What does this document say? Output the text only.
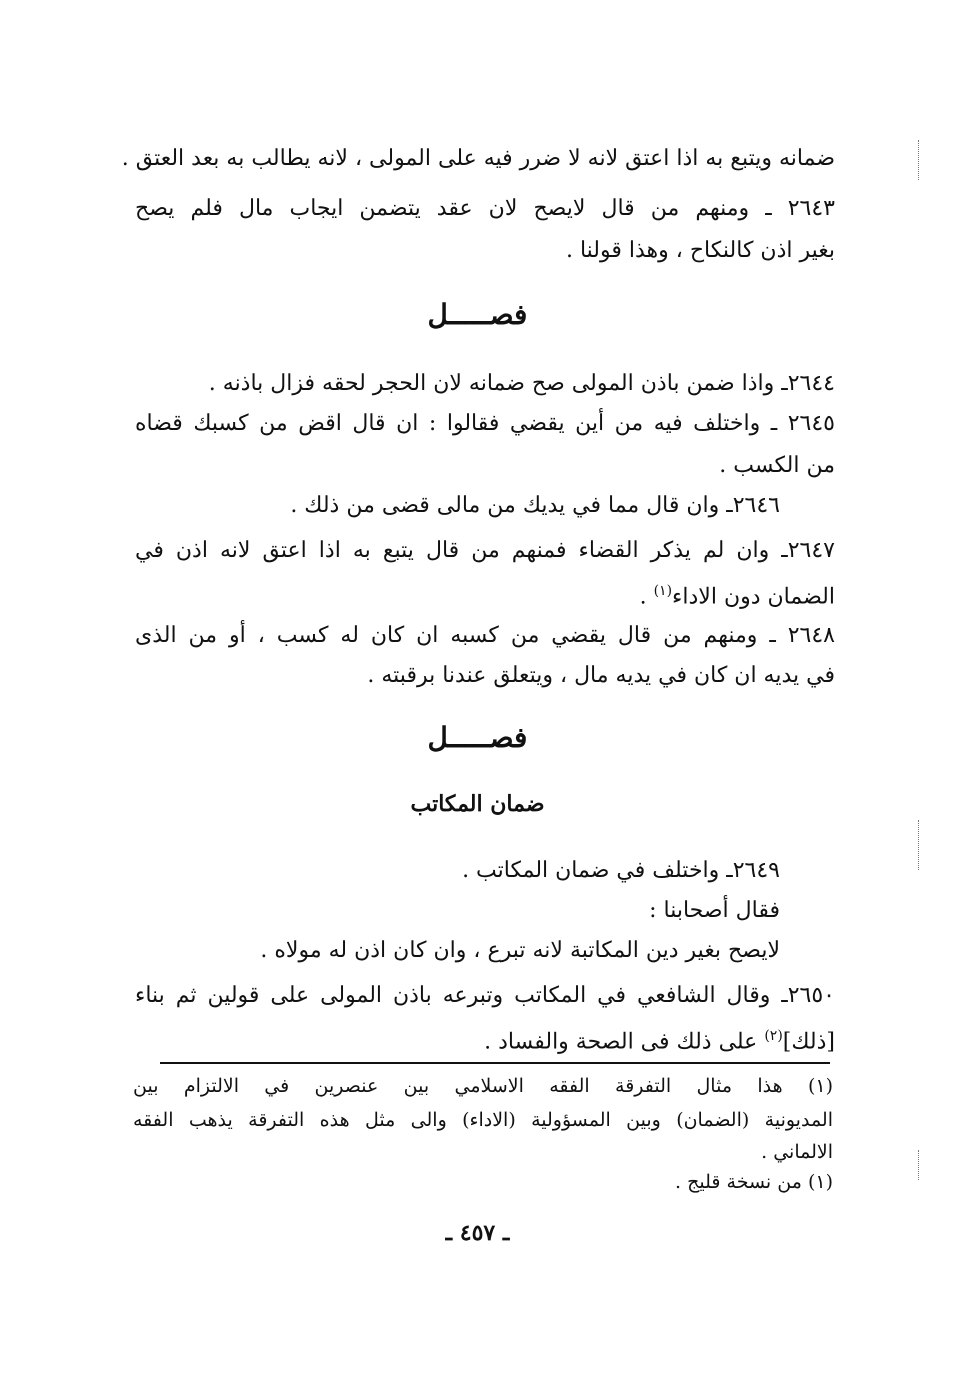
ضمانه ويتبع به اذا اعتق لانه لا ضرر فيه على المولى ، لانه يطالب به بعد العتق .
٢٦٤٣ ـ ومنهم من قال لايصح لان عقد يتضمن ايجاب مال فلم يصح
بغير اذن كالنكاح ، وهذا قولنا .
فصـــــل
٢٦٤٤ـ واذا ضمن باذن المولى صح ضمانه لان الحجر لحقه فزال باذنه .
٢٦٤٥ ـ واختلف فيه من أين يقضي فقالوا : ان قال اقض من كسبك قضاه
من الكسب .
٢٦٤٦ـ وان قال مما في يديك من مالى قضى من ذلك .
٢٦٤٧ـ وان لم يذكر القضاء فمنهم من قال يتبع به اذا اعتق لانه اذن في
الضمان دون الاداء$^{(١)}$ .
٢٦٤٨ ـ ومنهم من قال يقضي من كسبه ان كان له كسب ، أو من الذى
في يديه ان كان في يديه مال ، ويتعلق عندنا برقبته .
فصـــــل
ضمان المكاتب
٢٦٤٩ـ واختلف في ضمان المكاتب .
فقال أصحابنا :
لايصح بغير دين المكاتبة لانه تبرع ، وان كان اذن له مولاه .
٢٦٥٠ـ وقال الشافعي في المكاتب وتبرعه باذن المولى على قولين ثم بناء
[ذلك]$^{(٢)}$ على ذلك فى الصحة والفساد .
(١) هذا مثال التفرقة الفقه الاسلامي بين عنصرين في الالتزام بين
المديونية (الضمان) وبين المسؤولية (الاداء) والى مثل هذه التفرقة يذهب الفقه
الالماني .
(١) من نسخة قليج .
ـ ٤٥٧ ـ
